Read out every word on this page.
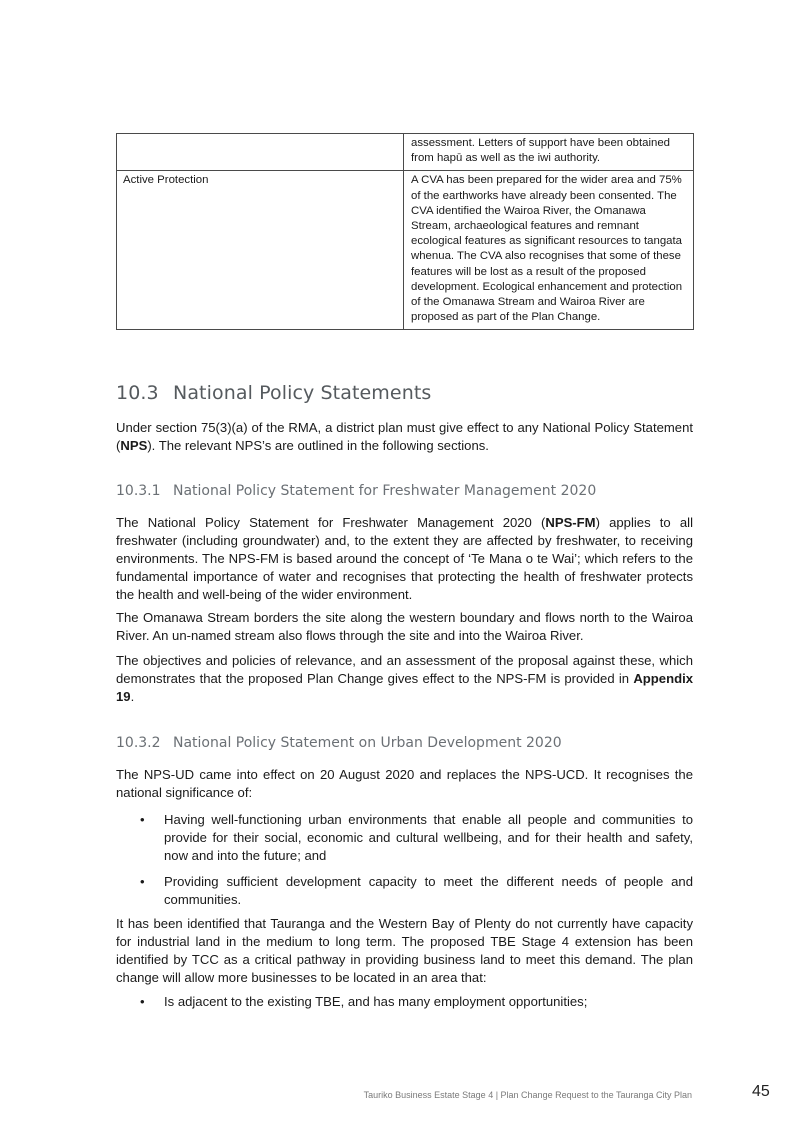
	assessment. Letters of support have been obtained from hapū as well as the iwi authority.
Active Protection	A CVA has been prepared for the wider area and 75% of the earthworks have already been consented. The CVA identified the Wairoa River, the Omanawa Stream, archaeological features and remnant ecological features as significant resources to tangata whenua. The CVA also recognises that some of these features will be lost as a result of the proposed development. Ecological enhancement and protection of the Omanawa Stream and Wairoa River are proposed as part of the Plan Change.
10.3 National Policy Statements

Under section 75(3)(a) of the RMA, a district plan must give effect to any National Policy Statement (NPS). The relevant NPS’s are outlined in the following sections.

10.3.1 National Policy Statement for Freshwater Management 2020

The National Policy Statement for Freshwater Management 2020 (NPS-FM) applies to all freshwater (including groundwater) and, to the extent they are affected by freshwater, to receiving environments. The NPS-FM is based around the concept of ‘Te Mana o te Wai’; which refers to the fundamental importance of water and recognises that protecting the health of freshwater protects the health and well-being of the wider environment.

The Omanawa Stream borders the site along the western boundary and flows north to the Wairoa River. An un-named stream also flows through the site and into the Wairoa River.

The objectives and policies of relevance, and an assessment of the proposal against these, which demonstrates that the proposed Plan Change gives effect to the NPS-FM is provided in Appendix 19.

10.3.2 National Policy Statement on Urban Development 2020

The NPS-UD came into effect on 20 August 2020 and replaces the NPS-UCD. It recognises the national significance of:

• Having well-functioning urban environments that enable all people and communities to provide for their social, economic and cultural wellbeing, and for their health and safety, now and into the future; and
• Providing sufficient development capacity to meet the different needs of people and communities.

It has been identified that Tauranga and the Western Bay of Plenty do not currently have capacity for industrial land in the medium to long term. The proposed TBE Stage 4 extension has been identified by TCC as a critical pathway in providing business land to meet this demand. The plan change will allow more businesses to be located in an area that:

• Is adjacent to the existing TBE, and has many employment opportunities;
Tauriko Business Estate Stage 4 | Plan Change Request to the Tauranga City Plan	45
